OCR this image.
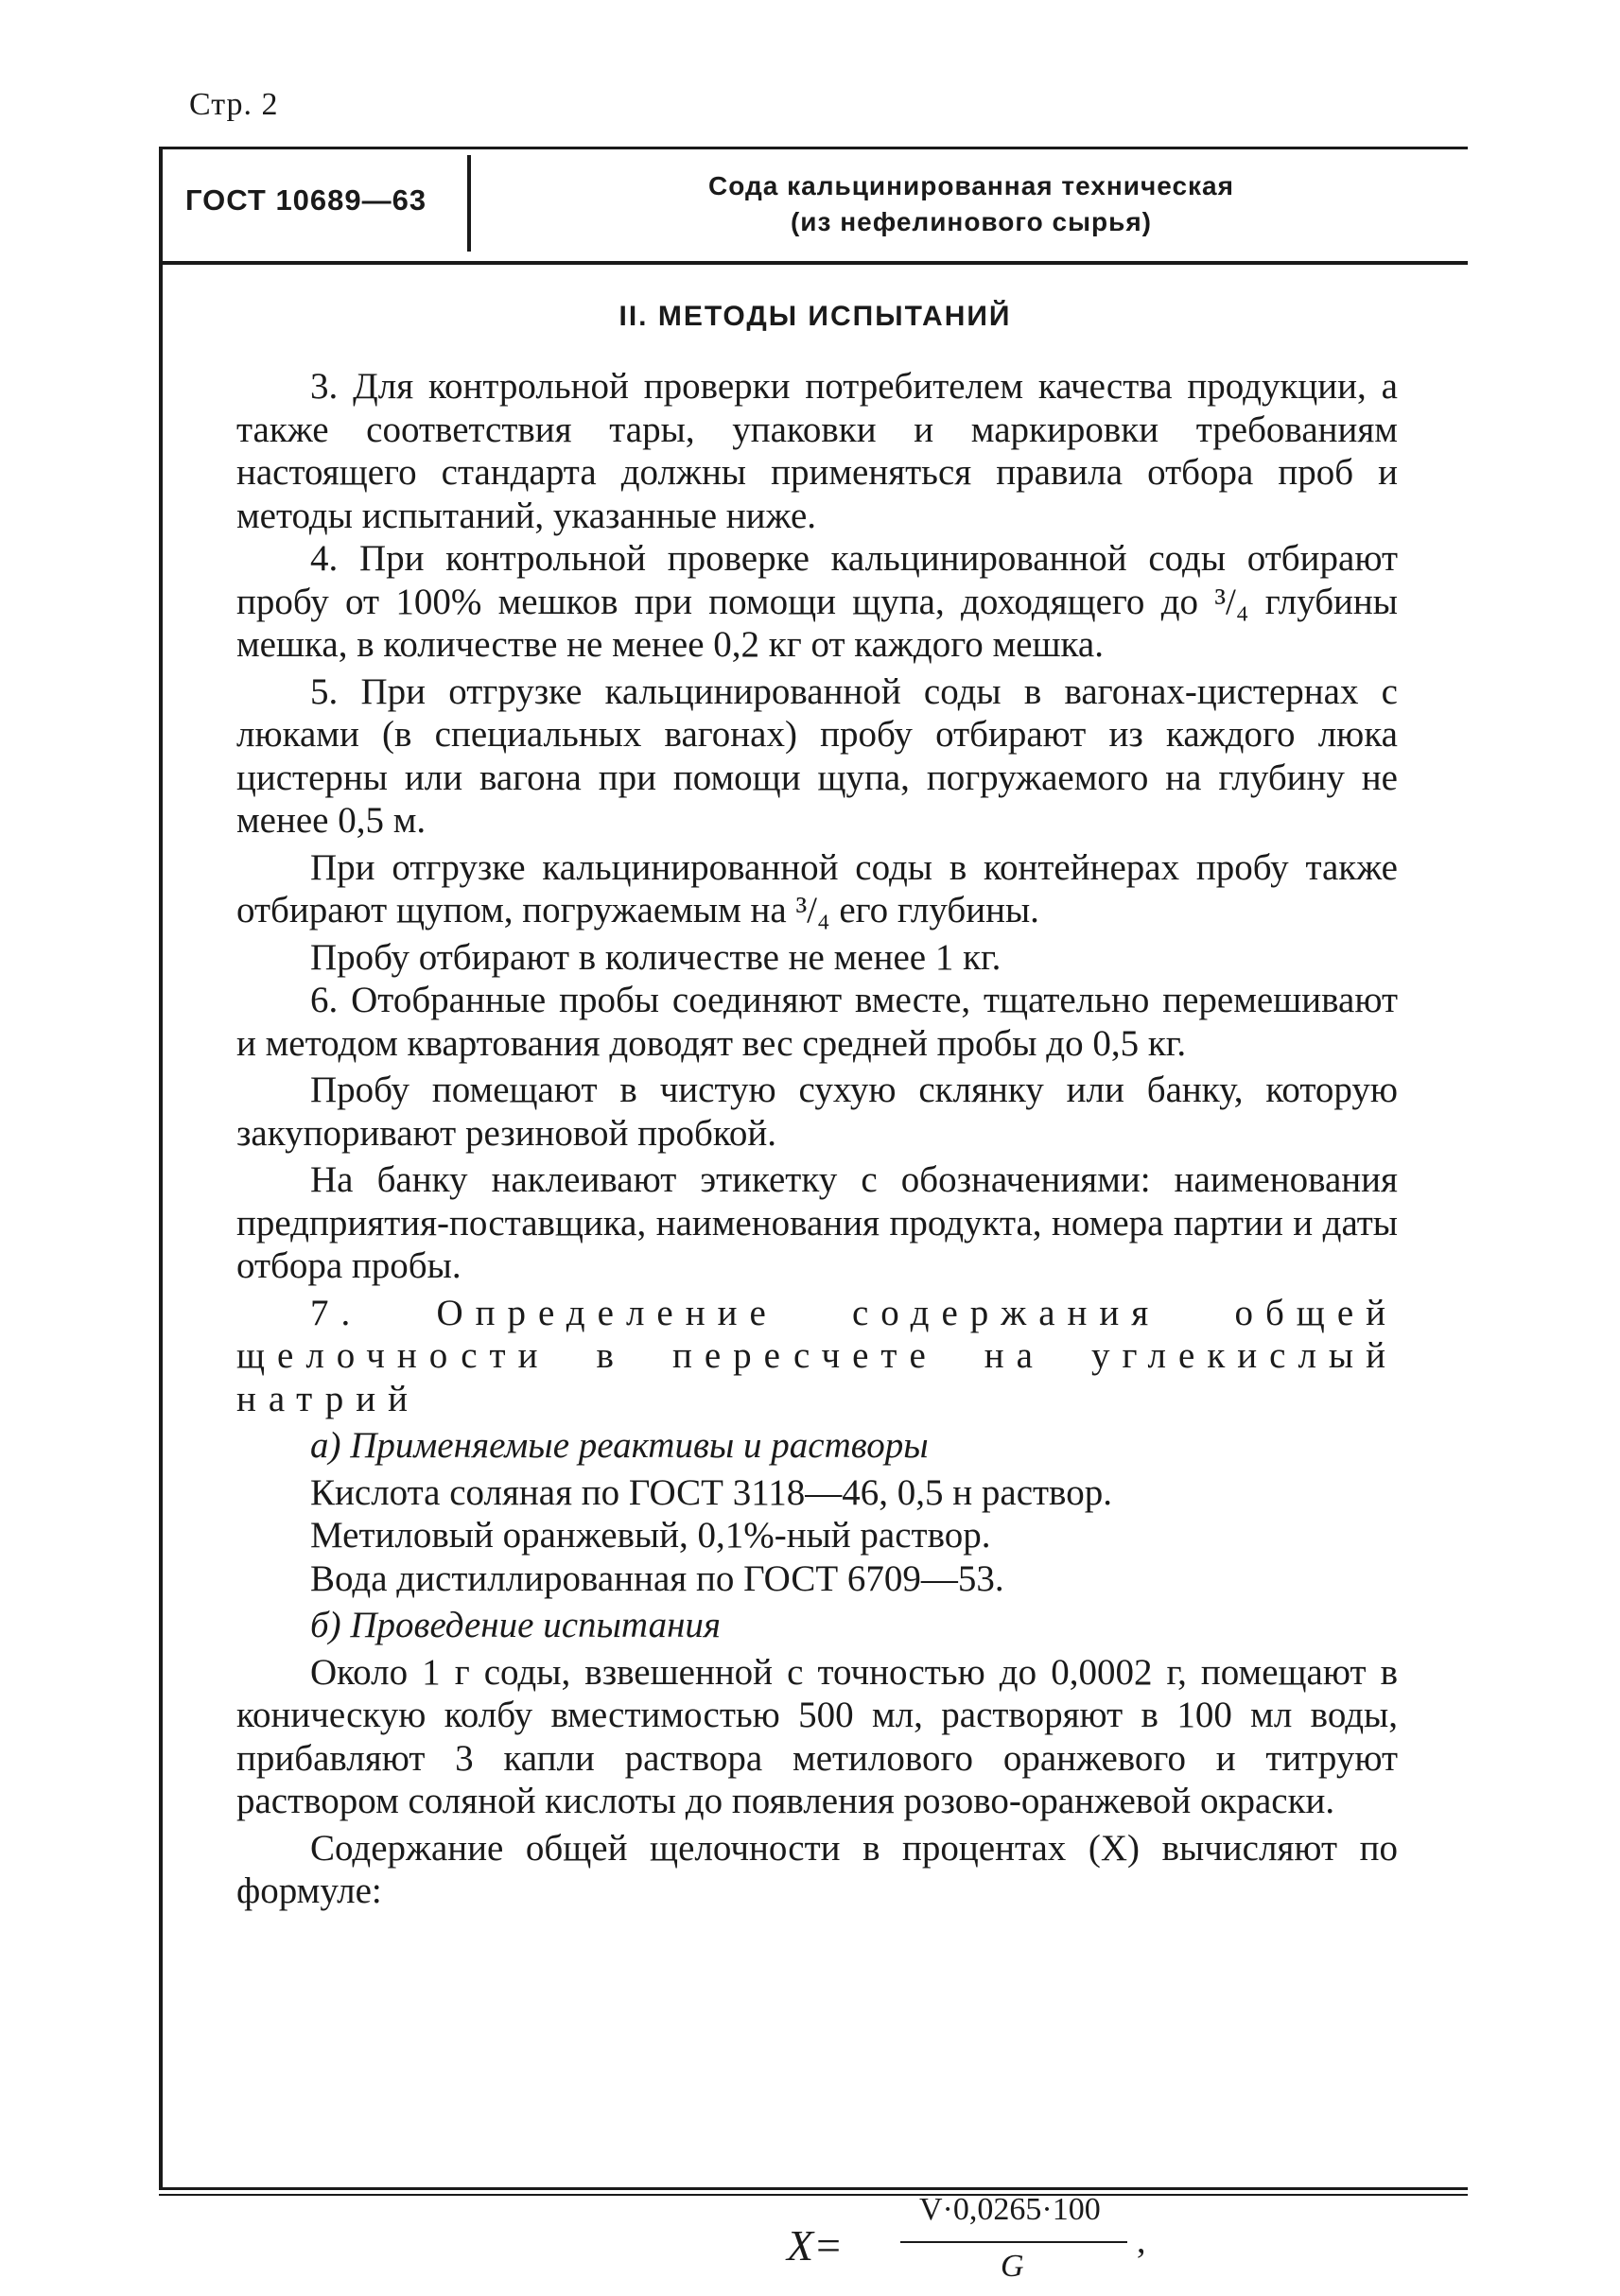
Стр. 2
ГОСТ 10689—63	Сода кальцинированная техническая
(из нефелинового сырья)
II. МЕТОДЫ ИСПЫТАНИЙ

3. Для контрольной проверки потребителем качества продукции, а также соответствия тары, упаковки и маркировки требованиям настоящего стандарта должны применяться правила отбора проб и методы испытаний, указанные ниже.

4. При контрольной проверке кальцинированной соды отбирают пробу от 100% мешков при помощи щупа, доходящего до ³/₄ глубины мешка, в количестве не менее 0,2 кг от каждого мешка.

5. При отгрузке кальцинированной соды в вагонах-цистернах с люками (в специальных вагонах) пробу отбирают из каждого люка цистерны или вагона при помощи щупа, погружаемого на глубину не менее 0,5 м.

При отгрузке кальцинированной соды в контейнерах пробу также отбирают щупом, погружаемым на ³/₄ его глубины.

Пробу отбирают в количестве не менее 1 кг.

6. Отобранные пробы соединяют вместе, тщательно перемешивают и методом квартования доводят вес средней пробы до 0,5 кг.

Пробу помещают в чистую сухую склянку или банку, которую закупоривают резиновой пробкой.

На банку наклеивают этикетку с обозначениями: наименования предприятия-поставщика, наименования продукта, номера партии и даты отбора пробы.

7. Определение содержания общей щелочности в пересчете на углекислый натрий

а) Применяемые реактивы и растворы

Кислота соляная по ГОСТ 3118—46, 0,5 н раствор.

Метиловый оранжевый, 0,1%-ный раствор.

Вода дистиллированная по ГОСТ 6709—53.

б) Проведение испытания

Около 1 г соды, взвешенной с точностью до 0,0002 г, помещают в коническую колбу вместимостью 500 мл, растворяют в 100 мл воды, прибавляют 3 капли раствора метилового оранжевого и титруют раствором соляной кислоты до появления розово-оранжевой окраски.

Содержание общей щелочности в процентах (X) вычисляют по формуле:

X=
V·0,0265·100
G
,
